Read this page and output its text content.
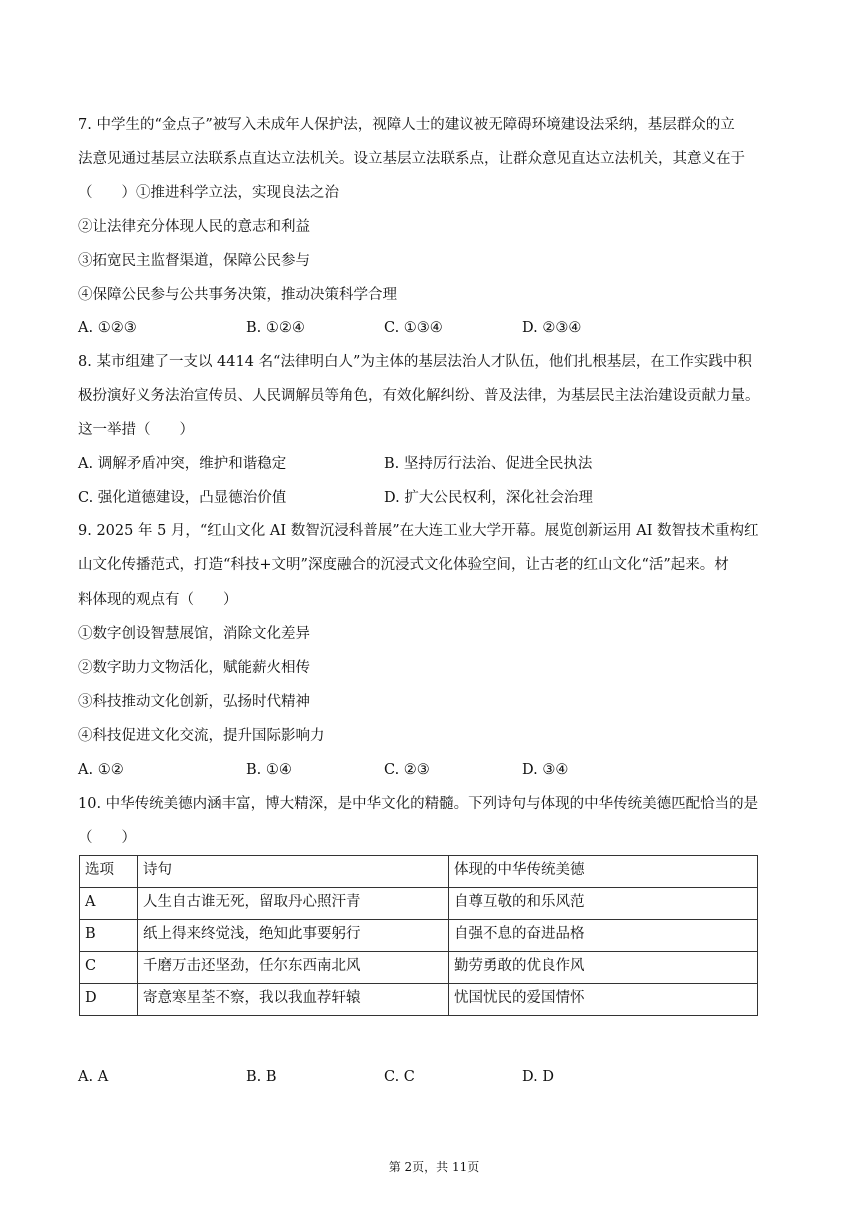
7. 中学生的“金点子”被写入未成年人保护法，视障人士的建议被无障碍环境建设法采纳，基层群众的立
法意见通过基层立法联系点直达立法机关。设立基层立法联系点，让群众意见直达立法机关，其意义在于
（　　）①推进科学立法，实现良法之治
②让法律充分体现人民的意志和利益
③拓宽民主监督渠道，保障公民参与
④保障公民参与公共事务决策，推动决策科学合理
A. ①②③	B. ①②④	C. ①③④	D. ②③④
8. 某市组建了一支以 4414 名“法律明白人”为主体的基层法治人才队伍，他们扎根基层，在工作实践中积
极扮演好义务法治宣传员、人民调解员等角色，有效化解纠纷、普及法律，为基层民主法治建设贡献力量。
这一举措（　　）
A. 调解矛盾冲突，维护和谐稳定	B. 坚持厉行法治、促进全民执法
C. 强化道德建设，凸显德治价值	D. 扩大公民权利，深化社会治理
9. 2025 年 5 月，“红山文化 AI 数智沉浸科普展”在大连工业大学开幕。展览创新运用 AI 数智技术重构红
山文化传播范式，打造“科技+文明”深度融合的沉浸式文化体验空间，让古老的红山文化“活”起来。材
料体现的观点有（　　）
①数字创设智慧展馆，消除文化差异
②数字助力文物活化，赋能薪火相传
③科技推动文化创新，弘扬时代精神
④科技促进文化交流，提升国际影响力
A. ①②	B. ①④	C. ②③	D. ③④
10. 中华传统美德内涵丰富，博大精深，是中华文化的精髓。下列诗句与体现的中华传统美德匹配恰当的是
（　　）
选项	诗句	体现的中华传统美德
A	人生自古谁无死，留取丹心照汗青	自尊互敬的和乐风范
B	纸上得来终觉浅，绝知此事要躬行	自强不息的奋进品格
C	千磨万击还坚劲，任尔东西南北风	勤劳勇敢的优良作风
D	寄意寒星荃不察，我以我血荐轩辕	忧国忧民的爱国情怀
A. A	B. B	C. C	D. D
第 2页，共 11页
